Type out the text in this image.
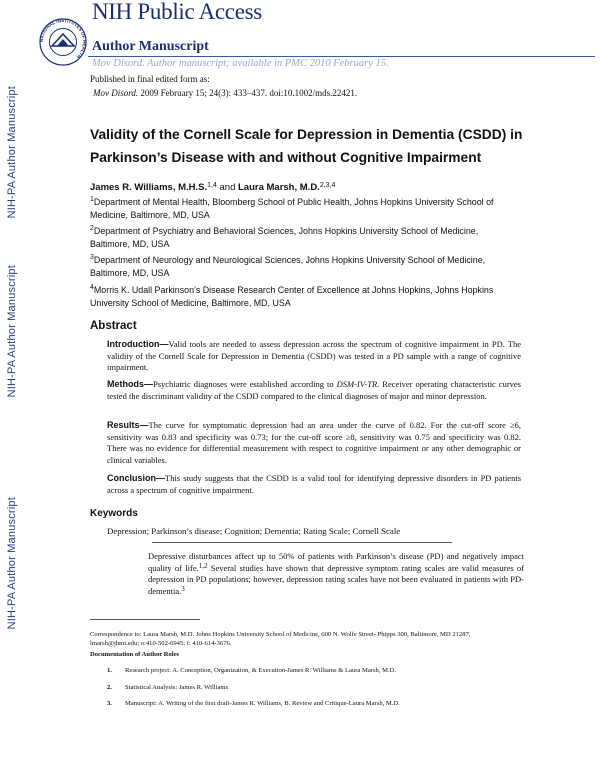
NATIONAL INSTITUTES OF HEALTH
NIH Public Access
Author Manuscript
Mov Disord. Author manuscript; available in PMC 2010 February 15.
Published in final edited form as:
Mov Disord. 2009 February 15; 24(3): 433–437. doi:10.1002/mds.22421.
NIH-PA Author Manuscript
NIH-PA Author Manuscript
NIH-PA Author Manuscript
Validity of the Cornell Scale for Depression in Dementia (CSDD) in Parkinson’s Disease with and without Cognitive Impairment
James R. Williams, M.H.S.$^{1,4}$ and Laura Marsh, M.D.$^{2,3,4}$
$^1$Department of Mental Health, Bloomberg School of Public Health, Johns Hopkins University School of Medicine, Baltimore, MD, USA
$^2$Department of Psychiatry and Behavioral Sciences, Johns Hopkins University School of Medicine, Baltimore, MD, USA
$^3$Department of Neurology and Neurological Sciences, Johns Hopkins University School of Medicine, Baltimore, MD, USA
$^4$Morris K. Udall Parkinson’s Disease Research Center of Excellence at Johns Hopkins, Johns Hopkins University School of Medicine, Baltimore, MD, USA
Abstract
Introduction—Valid tools are needed to assess depression across the spectrum of cognitive impairment in PD. The validity of the Cornell Scale for Depression in Dementia (CSDD) was tested in a PD sample with a range of cognitive impairment.
Methods—Psychiatric diagnoses were established according to DSM-IV-TR. Receiver operating characteristic curves tested the discriminant validity of the CSDD compared to the clinical diagnoses of major and minor depression.
Results—The curve for symptomatic depression had an area under the curve of 0.82. For the cut-off score ≥6, sensitivity was 0.83 and specificity was 0.73; for the cut-off score ≥8, sensitivity was 0.75 and specificity was 0.82. There was no evidence for differential measurement with respect to cognitive impairment or any other demographic or clinical variables.
Conclusion—This study suggests that the CSDD is a valid tool for identifying depressive disorders in PD patients across a spectrum of cognitive impairment.
Keywords
Depression; Parkinson’s disease; Cognition; Dementia; Rating Scale; Cornell Scale
Depressive disturbances affect up to 50% of patients with Parkinson’s disease (PD) and negatively impact quality of life.$^{1,2}$ Several studies have shown that depressive symptom rating scales are valid measures of depression in PD populations; however, depression rating scales have not been evaluated in patients with PD-dementia.$^3$
Correspondence to: Laura Marsh, M.D. Johns Hopkins University School of Medicine, 600 N. Wolfe Street- Phipps 300, Baltimore, MD 21287, lmarsh@jhmi.edu; o:410-502-6945; f: 410-614-3676.
Documentation of Author Roles
1. Research project: A. Conception, Organization, & Execution-James R. Williams & Laura Marsh, M.D.
2. Statistical Analysis: James R. Williams
3. Manuscript: A. Writing of the first draft-James R. Williams, B. Review and Critique-Laura Marsh, M.D.
